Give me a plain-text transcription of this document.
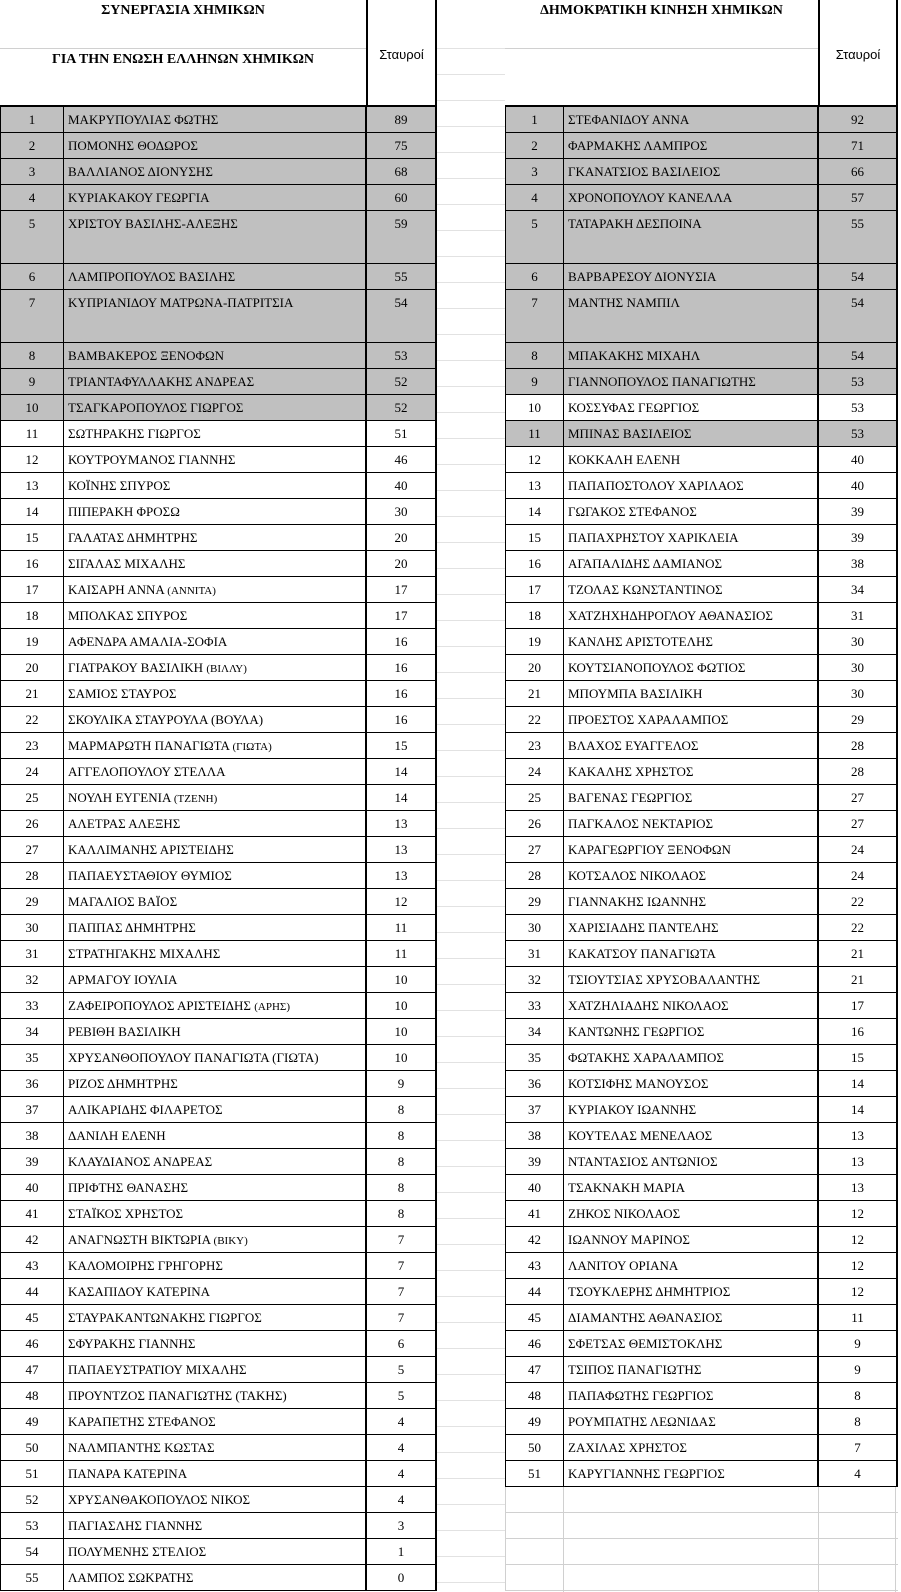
ΣΥΝΕΡΓΑΣΙΑ ΧΗΜΙΚΩΝ
ΓΙΑ ΤΗΝ ΕΝΩΣΗ ΕΛΛΗΝΩΝ ΧΗΜΙΚΩΝ	Σταυροί
1	ΜΑΚΡΥΠΟΥΛΙΑΣ ΦΩΤΗΣ	89
2	ΠΟΜΟΝΗΣ ΘΟΔΩΡΟΣ	75
3	ΒΑΛΛΙΑΝΟΣ ΔΙΟΝΥΣΗΣ	68
4	ΚΥΡΙΑΚΑΚΟΥ ΓΕΩΡΓΙΑ	60
5	ΧΡΙΣΤΟΥ ΒΑΣΙΛΗΣ-ΑΛΕΞΗΣ	59
6	ΛΑΜΠΡΟΠΟΥΛΟΣ ΒΑΣΙΛΗΣ	55
7	ΚΥΠΡΙΑΝΙΔΟΥ ΜΑΤΡΩΝΑ-ΠΑΤΡΙΤΣΙΑ	54
8	ΒΑΜΒΑΚΕΡΟΣ ΞΕΝΟΦΩΝ	53
9	ΤΡΙΑΝΤΑΦΥΛΛΑΚΗΣ ΑΝΔΡΕΑΣ	52
10	ΤΣΑΓΚΑΡΟΠΟΥΛΟΣ ΓΙΩΡΓΟΣ	52
11	ΣΩΤΗΡΑΚΗΣ ΓΙΩΡΓΟΣ	51
12	ΚΟΥΤΡΟΥΜΑΝΟΣ ΓΙΑΝΝΗΣ	46
13	ΚΟΪΝΗΣ ΣΠΥΡΟΣ	40
14	ΠΙΠΕΡΑΚΗ ΦΡΟΣΩ	30
15	ΓΑΛΑΤΑΣ ΔΗΜΗΤΡΗΣ	20
16	ΣΙΓΑΛΑΣ ΜΙΧΑΛΗΣ	20
17	ΚΑΙΣΑΡΗ ΑΝΝΑ (ΑΝΝΙΤΑ)	17
18	ΜΠΟΛΚΑΣ ΣΠΥΡΟΣ	17
19	ΑΦΕΝΔΡΑ ΑΜΑΛΙΑ-ΣΟΦΙΑ	16
20	ΓΙΑΤΡΑΚΟΥ ΒΑΣΙΛΙΚΗ (ΒΙΛΛΥ)	16
21	ΣΑΜΙΟΣ ΣΤΑΥΡΟΣ	16
22	ΣΚΟΥΛΙΚΑ ΣΤΑΥΡΟΥΛΑ (ΒΟΥΛΑ)	16
23	ΜΑΡΜΑΡΩΤΗ ΠΑΝΑΓΙΩΤΑ (ΓΙΩΤΑ)	15
24	ΑΓΓΕΛΟΠΟΥΛΟΥ ΣΤΕΛΛΑ	14
25	ΝΟΥΛΗ ΕΥΓΕΝΙΑ (ΤΖΕΝΗ)	14
26	ΑΛΕΤΡΑΣ ΑΛΕΞΗΣ	13
27	ΚΑΛΛΙΜΑΝΗΣ ΑΡΙΣΤΕΙΔΗΣ	13
28	ΠΑΠΑΕΥΣΤΑΘΙΟΥ ΘΥΜΙΟΣ	13
29	ΜΑΓΑΛΙΟΣ ΒΑΪΟΣ	12
30	ΠΑΠΠΑΣ ΔΗΜΗΤΡΗΣ	11
31	ΣΤΡΑΤΗΓΑΚΗΣ ΜΙΧΑΛΗΣ	11
32	ΑΡΜΑΓΟΥ ΙΟΥΛΙΑ	10
33	ΖΑΦΕΙΡΟΠΟΥΛΟΣ ΑΡΙΣΤΕΙΔΗΣ (ΑΡΗΣ)	10
34	ΡΕΒΙΘΗ ΒΑΣΙΛΙΚΗ	10
35	ΧΡΥΣΑΝΘΟΠΟΥΛΟΥ ΠΑΝΑΓΙΩΤΑ (ΓΙΩΤΑ)	10
36	ΡΙΖΟΣ ΔΗΜΗΤΡΗΣ	9
37	ΑΛΙΚΑΡΙΔΗΣ ΦΙΛΑΡΕΤΟΣ	8
38	ΔΑΝΙΛΗ ΕΛΕΝΗ	8
39	ΚΛΑΥΔΙΑΝΟΣ ΑΝΔΡΕΑΣ	8
40	ΠΡΙΦΤΗΣ ΘΑΝΑΣΗΣ	8
41	ΣΤΑΪΚΟΣ ΧΡΗΣΤΟΣ	8
42	ΑΝΑΓΝΩΣΤΗ ΒΙΚΤΩΡΙΑ (ΒΙΚΥ)	7
43	ΚΑΛΟΜΟΙΡΗΣ ΓΡΗΓΟΡΗΣ	7
44	ΚΑΣΑΠΙΔΟΥ ΚΑΤΕΡΙΝΑ	7
45	ΣΤΑΥΡΑΚΑΝΤΩΝΑΚΗΣ ΓΙΩΡΓΟΣ	7
46	ΣΦΥΡΑΚΗΣ ΓΙΑΝΝΗΣ	6
47	ΠΑΠΑΕΥΣΤΡΑΤΙΟΥ ΜΙΧΑΛΗΣ	5
48	ΠΡΟΥΝΤΖΟΣ ΠΑΝΑΓΙΩΤΗΣ (ΤΑΚΗΣ)	5
49	ΚΑΡΑΠΕΤΗΣ ΣΤΕΦΑΝΟΣ	4
50	ΝΑΛΜΠΑΝΤΗΣ ΚΩΣΤΑΣ	4
51	ΠΑΝΑΡΑ ΚΑΤΕΡΙΝΑ	4
52	ΧΡΥΣΑΝΘΑΚΟΠΟΥΛΟΣ ΝΙΚΟΣ	4
53	ΠΑΓΙΑΣΛΗΣ ΓΙΑΝΝΗΣ	3
54	ΠΟΛΥΜΕΝΗΣ ΣΤΕΛΙΟΣ	1
55	ΛΑΜΠΟΣ ΣΩΚΡΑΤΗΣ	0
ΔΗΜΟΚΡΑΤΙΚΗ ΚΙΝΗΣΗ ΧΗΜΙΚΩΝ
Σταυροί
1	ΣΤΕΦΑΝΙΔΟΥ ΑΝΝΑ	92
2	ΦΑΡΜΑΚΗΣ ΛΑΜΠΡΟΣ	71
3	ΓΚΑΝΑΤΣΙΟΣ ΒΑΣΙΛΕΙΟΣ	66
4	ΧΡΟΝΟΠΟΥΛΟΥ ΚΑΝΕΛΛΑ	57
5	ΤΑΤΑΡΑΚΗ ΔΕΣΠΟΙΝΑ	55
6	ΒΑΡΒΑΡΕΣΟΥ ΔΙΟΝΥΣΙΑ	54
7	ΜΑΝΤΗΣ ΝΑΜΠΙΛ	54
8	ΜΠΑΚΑΚΗΣ ΜΙΧΑΗΛ	54
9	ΓΙΑΝΝΟΠΟΥΛΟΣ ΠΑΝΑΓΙΩΤΗΣ	53
10	ΚΟΣΣΥΦΑΣ ΓΕΩΡΓΙΟΣ	53
11	ΜΠΙΝΑΣ ΒΑΣΙΛΕΙΟΣ	53
12	ΚΟΚΚΑΛΗ ΕΛΕΝΗ	40
13	ΠΑΠΑΠΟΣΤΟΛΟΥ ΧΑΡΙΛΑΟΣ	40
14	ΓΩΓΑΚΟΣ ΣΤΕΦΑΝΟΣ	39
15	ΠΑΠΑΧΡΗΣΤΟΥ ΧΑΡΙΚΛΕΙΑ	39
16	ΑΓΑΠΑΛΙΔΗΣ ΔΑΜΙΑΝΟΣ	38
17	ΤΖΟΛΑΣ ΚΩΝΣΤΑΝΤΙΝΟΣ	34
18	ΧΑΤΖΗΧΗΔΗΡΟΓΛΟΥ ΑΘΑΝΑΣΙΟΣ	31
19	ΚΑΝΛΗΣ ΑΡΙΣΤΟΤΕΛΗΣ	30
20	ΚΟΥΤΣΙΑΝΟΠΟΥΛΟΣ ΦΩΤΙΟΣ	30
21	ΜΠΟΥΜΠΑ ΒΑΣΙΛΙΚΗ	30
22	ΠΡΟΕΣΤΟΣ ΧΑΡΑΛΑΜΠΟΣ	29
23	ΒΛΑΧΟΣ ΕΥΑΓΓΕΛΟΣ	28
24	ΚΑΚΑΛΗΣ ΧΡΗΣΤΟΣ	28
25	ΒΑΓΕΝΑΣ ΓΕΩΡΓΙΟΣ	27
26	ΠΑΓΚΑΛΟΣ ΝΕΚΤΑΡΙΟΣ	27
27	ΚΑΡΑΓΕΩΡΓΙΟΥ ΞΕΝΟΦΩΝ	24
28	ΚΟΤΣΑΛΟΣ ΝΙΚΟΛΑΟΣ	24
29	ΓΙΑΝΝΑΚΗΣ ΙΩΑΝΝΗΣ	22
30	ΧΑΡΙΣΙΑΔΗΣ ΠΑΝΤΕΛΗΣ	22
31	ΚΑΚΑΤΣΟΥ ΠΑΝΑΓΙΩΤΑ	21
32	ΤΣΙΟΥΤΣΙΑΣ ΧΡΥΣΟΒΑΛΑΝΤΗΣ	21
33	ΧΑΤΖΗΛΙΑΔΗΣ ΝΙΚΟΛΑΟΣ	17
34	ΚΑΝΤΩΝΗΣ ΓΕΩΡΓΙΟΣ	16
35	ΦΩΤΑΚΗΣ ΧΑΡΑΛΑΜΠΟΣ	15
36	ΚΟΤΣΙΦΗΣ ΜΑΝΟΥΣΟΣ	14
37	ΚΥΡΙΑΚΟΥ ΙΩΑΝΝΗΣ	14
38	ΚΟΥΤΕΛΑΣ ΜΕΝΕΛΑΟΣ	13
39	ΝΤΑΝΤΑΣΙΟΣ ΑΝΤΩΝΙΟΣ	13
40	ΤΣΑΚΝΑΚΗ ΜΑΡΙΑ	13
41	ΖΗΚΟΣ ΝΙΚΟΛΑΟΣ	12
42	ΙΩΑΝΝΟΥ ΜΑΡΙΝΟΣ	12
43	ΛΑΝΙΤΟΥ ΟΡΙΑΝΑ	12
44	ΤΣΟΥΚΛΕΡΗΣ ΔΗΜΗΤΡΙΟΣ	12
45	ΔΙΑΜΑΝΤΗΣ ΑΘΑΝΑΣΙΟΣ	11
46	ΣΦΕΤΣΑΣ ΘΕΜΙΣΤΟΚΛΗΣ	9
47	ΤΣΙΠΟΣ ΠΑΝΑΓΙΩΤΗΣ	9
48	ΠΑΠΑΦΩΤΗΣ ΓΕΩΡΓΙΟΣ	8
49	ΡΟΥΜΠΑΤΗΣ ΛΕΩΝΙΔΑΣ	8
50	ΖΑΧΙΛΑΣ ΧΡΗΣΤΟΣ	7
51	ΚΑΡΥΓΙΑΝΝΗΣ ΓΕΩΡΓΙΟΣ	4
